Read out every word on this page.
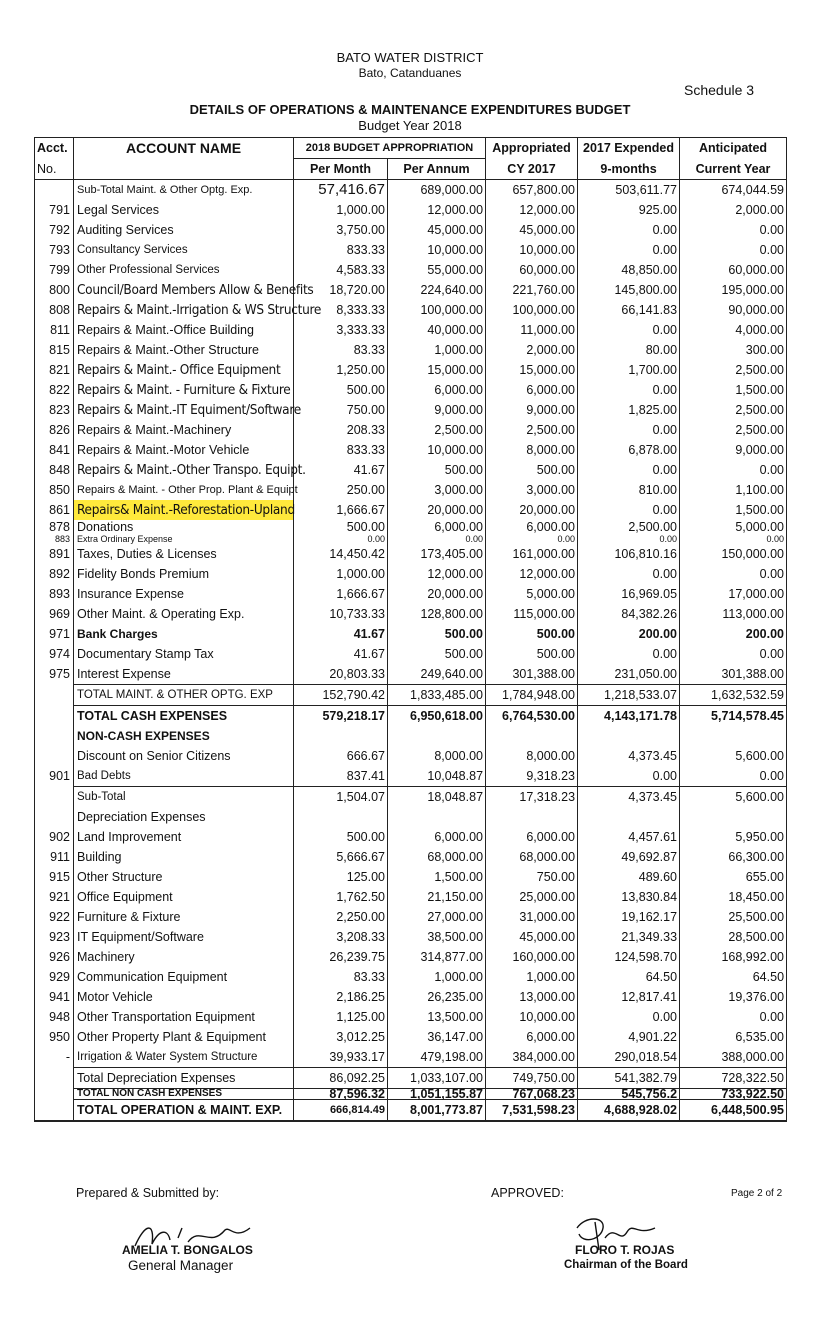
BATO WATER DISTRICT
Bato, Catanduanes
Schedule 3
DETAILS OF OPERATIONS & MAINTENANCE EXPENDITURES BUDGET
Budget Year 2018
Acct.	ACCOUNT NAME	2018 BUDGET APPROPRIATION		Appropriated	2017 Expended	Anticipated
No.		Per Month	Per Annum	CY 2017	9-months	Current Year
	Sub-Total Maint. & Other Optg. Exp.	57,416.67	689,000.00	657,800.00	503,611.77	674,044.59
791	Legal Services	1,000.00	12,000.00	12,000.00	925.00	2,000.00
792	Auditing Services	3,750.00	45,000.00	45,000.00	0.00	0.00
793	Consultancy Services	833.33	10,000.00	10,000.00	0.00	0.00
799	Other Professional Services	4,583.33	55,000.00	60,000.00	48,850.00	60,000.00
800	Council/Board Members Allow & Benefits	18,720.00	224,640.00	221,760.00	145,800.00	195,000.00
808	Repairs & Maint.-Irrigation & WS Structure	8,333.33	100,000.00	100,000.00	66,141.83	90,000.00
811	Repairs & Maint.-Office Building	3,333.33	40,000.00	11,000.00	0.00	4,000.00
815	Repairs & Maint.-Other Structure	83.33	1,000.00	2,000.00	80.00	300.00
821	Repairs & Maint.- Office Equipment	1,250.00	15,000.00	15,000.00	1,700.00	2,500.00
822	Repairs & Maint. - Furniture & Fixture	500.00	6,000.00	6,000.00	0.00	1,500.00
823	Repairs & Maint.-IT Equiment/Software	750.00	9,000.00	9,000.00	1,825.00	2,500.00
826	Repairs & Maint.-Machinery	208.33	2,500.00	2,500.00	0.00	2,500.00
841	Repairs & Maint.-Motor Vehicle	833.33	10,000.00	8,000.00	6,878.00	9,000.00
848	Repairs & Maint.-Other Transpo. Equipt.	41.67	500.00	500.00	0.00	0.00
850	Repairs & Maint. - Other Prop. Plant & Equipt	250.00	3,000.00	3,000.00	810.00	1,100.00
861	Repairs& Maint.-Reforestation-Upland	1,666.67	20,000.00	20,000.00	0.00	1,500.00
878	Donations	500.00	6,000.00	6,000.00	2,500.00	5,000.00
883	Extra Ordinary Expense	0.00	0.00	0.00	0.00	0.00
891	Taxes, Duties & Licenses	14,450.42	173,405.00	161,000.00	106,810.16	150,000.00
892	Fidelity Bonds Premium	1,000.00	12,000.00	12,000.00	0.00	0.00
893	Insurance Expense	1,666.67	20,000.00	5,000.00	16,969.05	17,000.00
969	Other Maint. & Operating Exp.	10,733.33	128,800.00	115,000.00	84,382.26	113,000.00
971	Bank Charges	41.67	500.00	500.00	200.00	200.00
974	Documentary Stamp Tax	41.67	500.00	500.00	0.00	0.00
975	Interest Expense	20,803.33	249,640.00	301,388.00	231,050.00	301,388.00
	TOTAL MAINT. & OTHER OPTG. EXP	152,790.42	1,833,485.00	1,784,948.00	1,218,533.07	1,632,532.59
	TOTAL CASH EXPENSES	579,218.17	6,950,618.00	6,764,530.00	4,143,171.78	5,714,578.45
	NON-CASH EXPENSES					
	Discount on Senior Citizens	666.67	8,000.00	8,000.00	4,373.45	5,600.00
901	Bad Debts	837.41	10,048.87	9,318.23	0.00	0.00
	Sub-Total	1,504.07	18,048.87	17,318.23	4,373.45	5,600.00
	Depreciation Expenses					
902	Land Improvement	500.00	6,000.00	6,000.00	4,457.61	5,950.00
911	Building	5,666.67	68,000.00	68,000.00	49,692.87	66,300.00
915	Other Structure	125.00	1,500.00	750.00	489.60	655.00
921	Office Equipment	1,762.50	21,150.00	25,000.00	13,830.84	18,450.00
922	Furniture & Fixture	2,250.00	27,000.00	31,000.00	19,162.17	25,500.00
923	IT Equipment/Software	3,208.33	38,500.00	45,000.00	21,349.33	28,500.00
926	Machinery	26,239.75	314,877.00	160,000.00	124,598.70	168,992.00
929	Communication Equipment	83.33	1,000.00	1,000.00	64.50	64.50
941	Motor Vehicle	2,186.25	26,235.00	13,000.00	12,817.41	19,376.00
948	Other Transportation Equipment	1,125.00	13,500.00	10,000.00	0.00	0.00
950	Other Property Plant & Equipment	3,012.25	36,147.00	6,000.00	4,901.22	6,535.00
-	Irrigation & Water System Structure	39,933.17	479,198.00	384,000.00	290,018.54	388,000.00
	Total Depreciation Expenses	86,092.25	1,033,107.00	749,750.00	541,382.79	728,322.50
	TOTAL NON CASH EXPENSES	87,596.32	1,051,155.87	767,068.23	545,756.2	733,922.50
	TOTAL OPERATION & MAINT. EXP.	666,814.49	8,001,773.87	7,531,598.23	4,688,928.02	6,448,500.95
Prepared & Submitted by:	APPROVED:	Page 2 of 2
AMELIA T. BONGALOS
General Manager
FLORO T. ROJAS
Chairman of the Board
